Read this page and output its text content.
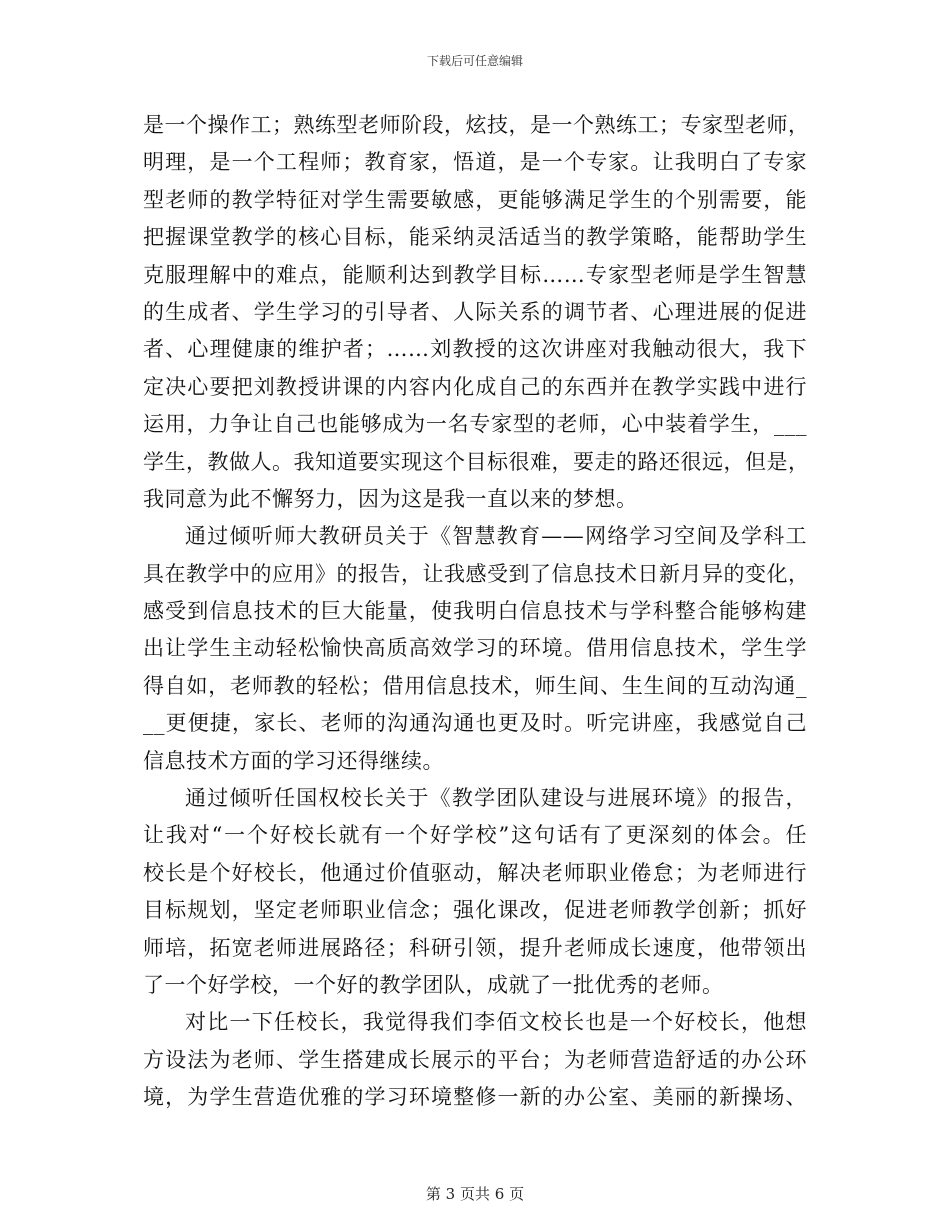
下载后可任意编辑
是一个操作工；熟练型老师阶段，炫技，是一个熟练工；专家型老师，
明理，是一个工程师；教育家，悟道，是一个专家。让我明白了专家
型老师的教学特征对学生需要敏感，更能够满足学生的个别需要，能
把握课堂教学的核心目标，能采纳灵活适当的教学策略，能帮助学生
克服理解中的难点，能顺利达到教学目标……专家型老师是学生智慧
的生成者、学生学习的引导者、人际关系的调节者、心理进展的促进
者、心理健康的维护者；……刘教授的这次讲座对我触动很大，我下
定决心要把刘教授讲课的内容内化成自己的东西并在教学实践中进行
运用，力争让自己也能够成为一名专家型的老师，心中装着学生，___
学生，教做人。我知道要实现这个目标很难，要走的路还很远，但是，
我同意为此不懈努力，因为这是我一直以来的梦想。
通过倾听师大教研员关于《智慧教育——网络学习空间及学科工
具在教学中的应用》的报告，让我感受到了信息技术日新月异的变化，
感受到信息技术的巨大能量，使我明白信息技术与学科整合能够构建
出让学生主动轻松愉快高质高效学习的环境。借用信息技术，学生学
得自如，老师教的轻松；借用信息技术，师生间、生生间的互动沟通_
__更便捷，家长、老师的沟通沟通也更及时。听完讲座，我感觉自己
信息技术方面的学习还得继续。
通过倾听任国权校长关于《教学团队建设与进展环境》的报告，
让我对“一个好校长就有一个好学校”这句话有了更深刻的体会。任
校长是个好校长，他通过价值驱动，解决老师职业倦怠；为老师进行
目标规划，坚定老师职业信念；强化课改，促进老师教学创新；抓好
师培，拓宽老师进展路径；科研引领，提升老师成长速度，他带领出
了一个好学校，一个好的教学团队，成就了一批优秀的老师。
对比一下任校长，我觉得我们李佰文校长也是一个好校长，他想
方设法为老师、学生搭建成长展示的平台；为老师营造舒适的办公环
境，为学生营造优雅的学习环境整修一新的办公室、美丽的新操场、
第 3 页共 6 页
